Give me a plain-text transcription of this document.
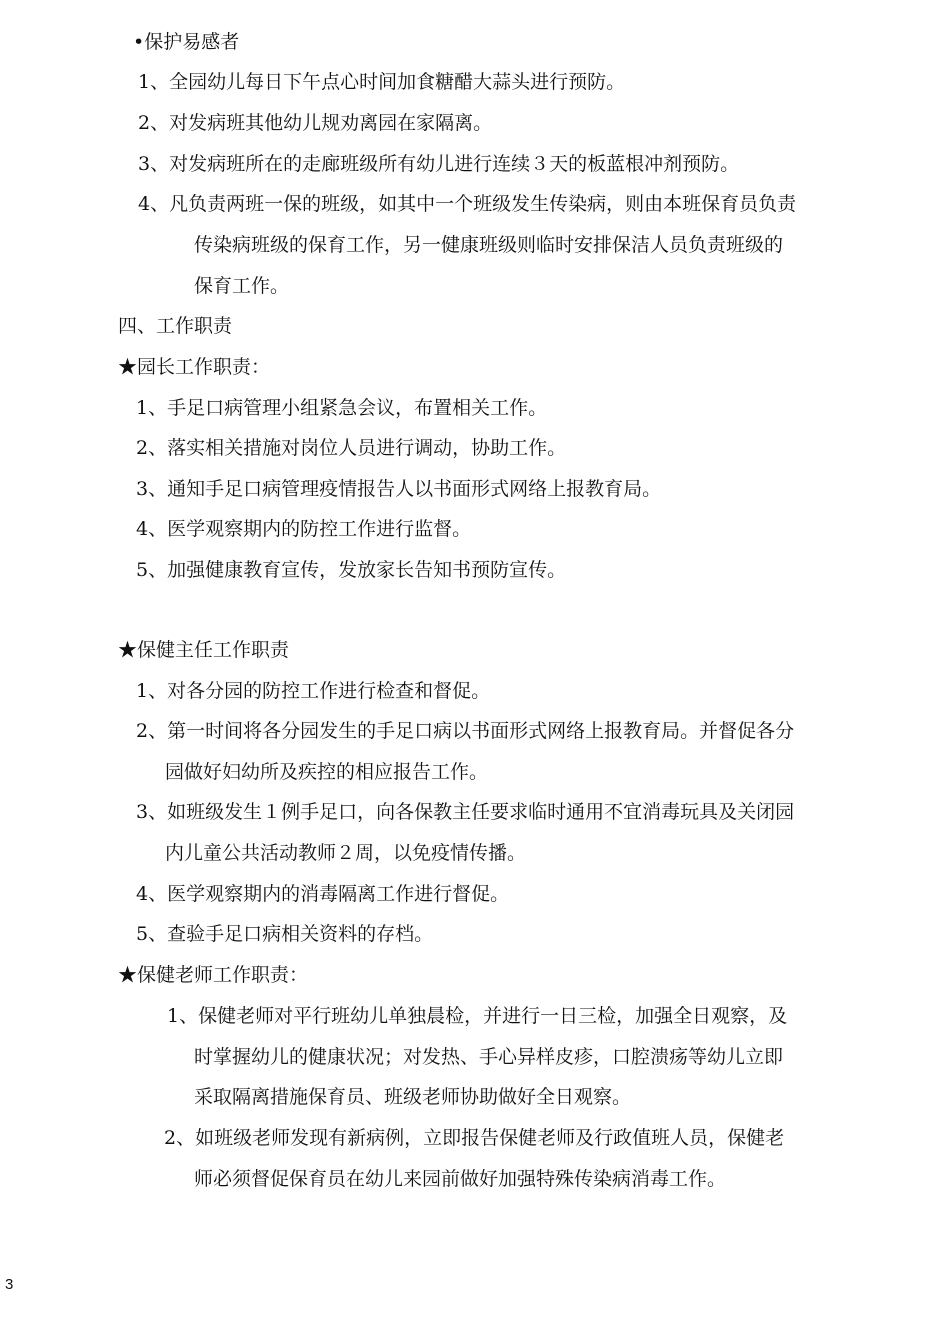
•保护易感者
1、全园幼儿每日下午点心时间加食糖醋大蒜头进行预防。
2、对发病班其他幼儿规劝离园在家隔离。
3、对发病班所在的走廊班级所有幼儿进行连续３天的板蓝根冲剂预防。
4、凡负责两班一保的班级，如其中一个班级发生传染病，则由本班保育员负责
传染病班级的保育工作，另一健康班级则临时安排保洁人员负责班级的
保育工作。
四、工作职责
★园长工作职责：
1、手足口病管理小组紧急会议，布置相关工作。
2、落实相关措施对岗位人员进行调动，协助工作。
3、通知手足口病管理疫情报告人以书面形式网络上报教育局。
4、医学观察期内的防控工作进行监督。
5、加强健康教育宣传，发放家长告知书预防宣传。
★保健主任工作职责
1、对各分园的防控工作进行检查和督促。
2、第一时间将各分园发生的手足口病以书面形式网络上报教育局。并督促各分
园做好妇幼所及疾控的相应报告工作。
3、如班级发生１例手足口，向各保教主任要求临时通用不宜消毒玩具及关闭园
内儿童公共活动教师２周，以免疫情传播。
4、医学观察期内的消毒隔离工作进行督促。
5、查验手足口病相关资料的存档。
★保健老师工作职责：
1、保健老师对平行班幼儿单独晨检，并进行一日三检，加强全日观察，及
时掌握幼儿的健康状况；对发热、手心异样皮疹，口腔溃疡等幼儿立即
采取隔离措施保育员、班级老师协助做好全日观察。
2、如班级老师发现有新病例，立即报告保健老师及行政值班人员，保健老
师必须督促保育员在幼儿来园前做好加强特殊传染病消毒工作。
3
